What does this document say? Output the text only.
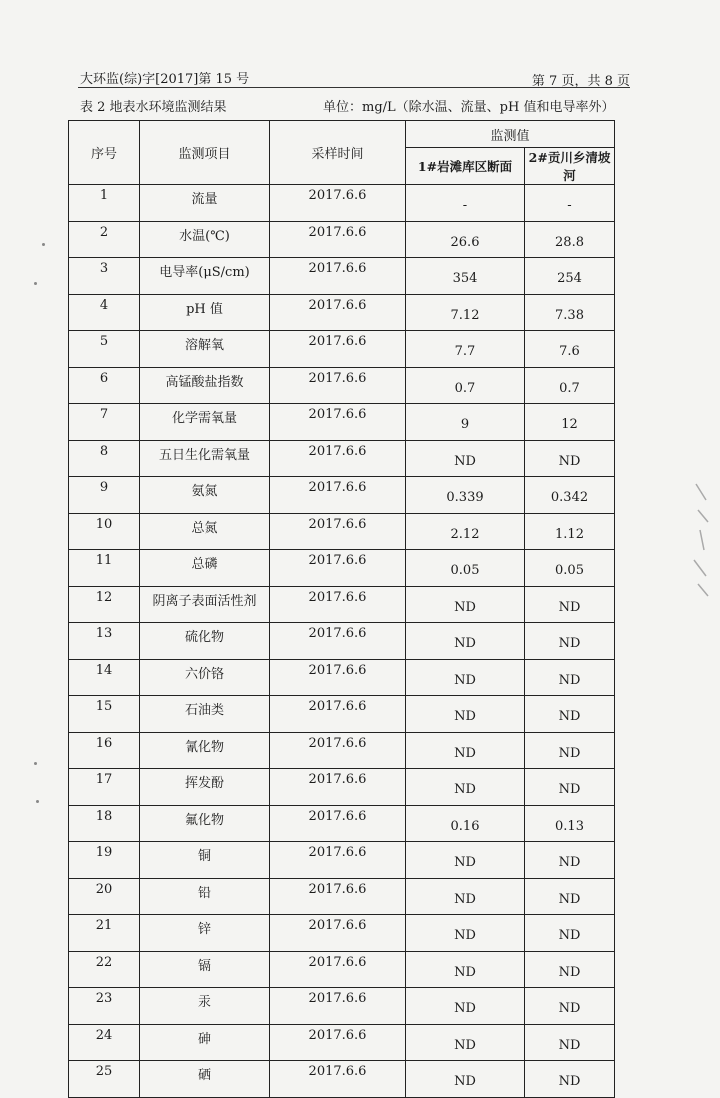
大环监(综)字[2017]第 15 号	第 7 页，共 8 页
表 2 地表水环境监测结果	单位：mg/L（除水温、流量、pH 值和电导率外）
序号	监测项目	采样时间	监测值	
			1#岩滩库区断面	2#贡川乡清坡河
1	流量	2017.6.6	-	-
2	水温(℃)	2017.6.6	26.6	28.8
3	电导率(μS/cm)	2017.6.6	354	254
4	pH 值	2017.6.6	7.12	7.38
5	溶解氧	2017.6.6	7.7	7.6
6	高锰酸盐指数	2017.6.6	0.7	0.7
7	化学需氧量	2017.6.6	9	12
8	五日生化需氧量	2017.6.6	ND	ND
9	氨氮	2017.6.6	0.339	0.342
10	总氮	2017.6.6	2.12	1.12
11	总磷	2017.6.6	0.05	0.05
12	阴离子表面活性剂	2017.6.6	ND	ND
13	硫化物	2017.6.6	ND	ND
14	六价铬	2017.6.6	ND	ND
15	石油类	2017.6.6	ND	ND
16	氰化物	2017.6.6	ND	ND
17	挥发酚	2017.6.6	ND	ND
18	氟化物	2017.6.6	0.16	0.13
19	铜	2017.6.6	ND	ND
20	铅	2017.6.6	ND	ND
21	锌	2017.6.6	ND	ND
22	镉	2017.6.6	ND	ND
23	汞	2017.6.6	ND	ND
24	砷	2017.6.6	ND	ND
25	硒	2017.6.6	ND	ND
